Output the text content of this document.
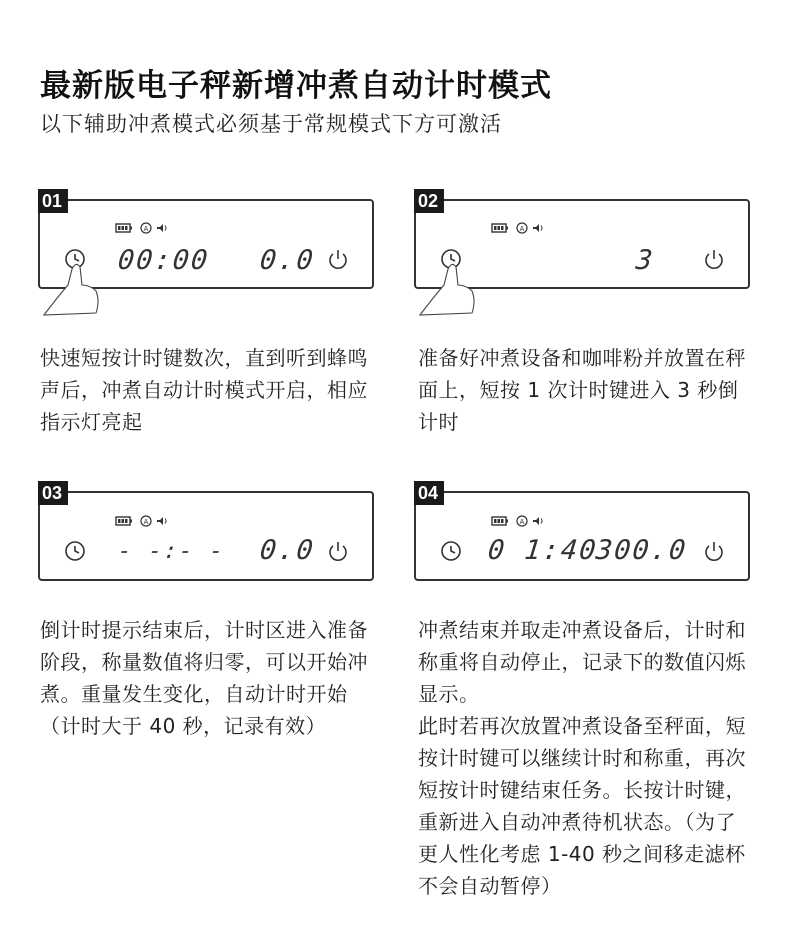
最新版电子秤新增冲煮自动计时模式
以下辅助冲煮模式必须基于常规模式下方可激活
01
A
00:00 0.0
02
A
3
03
A
- -:- - 0.0
04
A
0 1:40
300.0

快速短按计时键数次，直到听到蜂鸣声后，冲煮自动计时模式开启，相应指示灯亮起

准备好冲煮设备和咖啡粉并放置在秤面上，短按 1 次计时键进入 3 秒倒计时

倒计时提示结束后，计时区进入准备阶段，称量数值将归零，可以开始冲煮。重量发生变化，自动计时开始（计时大于 40 秒，记录有效）

冲煮结束并取走冲煮设备后，计时和称重将自动停止，记录下的数值闪烁显示。

此时若再次放置冲煮设备至秤面，短按计时键可以继续计时和称重，再次短按计时键结束任务。长按计时键，重新进入自动冲煮待机状态。（为了更人性化考虑 1-40 秒之间移走滤杯不会自动暂停）
